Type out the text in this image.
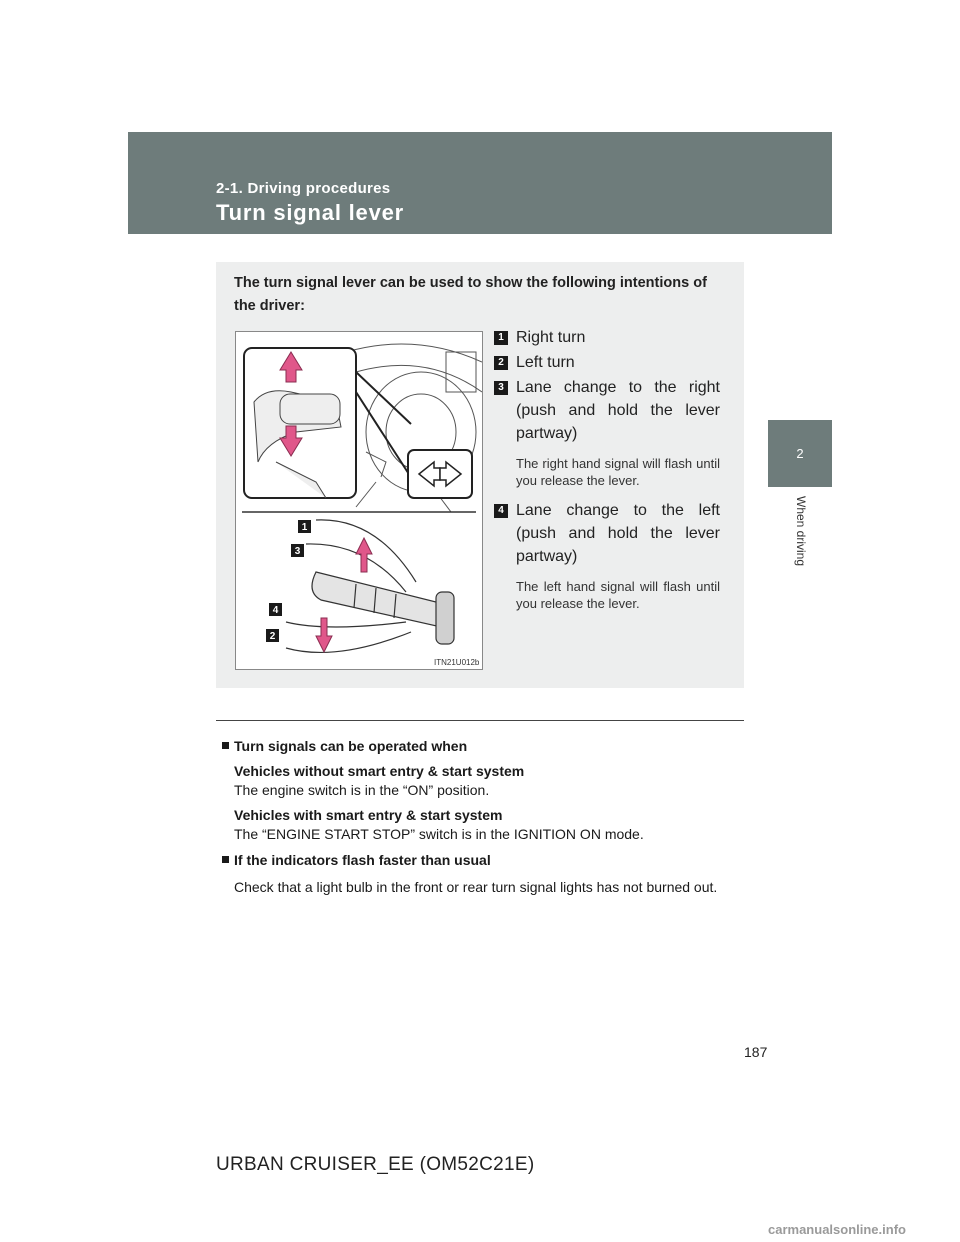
2-1. Driving procedures
Turn signal lever
2
When driving
The turn signal lever can be used to show the following intentions of the driver:
1
3
4
2
ITN21U012b
1 Right turn
2 Left turn
3 Lane change to the right (push and hold the lever partway)
The right hand signal will flash until you release the lever.
4 Lane change to the left (push and hold the lever partway)
The left hand signal will flash until you release the lever.
Turn signals can be operated when
Vehicles without smart entry & start system
The engine switch is in the “ON” position.
Vehicles with smart entry & start system
The “ENGINE START STOP” switch is in the IGNITION ON mode.
If the indicators flash faster than usual
Check that a light bulb in the front or rear turn signal lights has not burned out.
187
URBAN CRUISER_EE (OM52C21E)
carmanualsonline.info
